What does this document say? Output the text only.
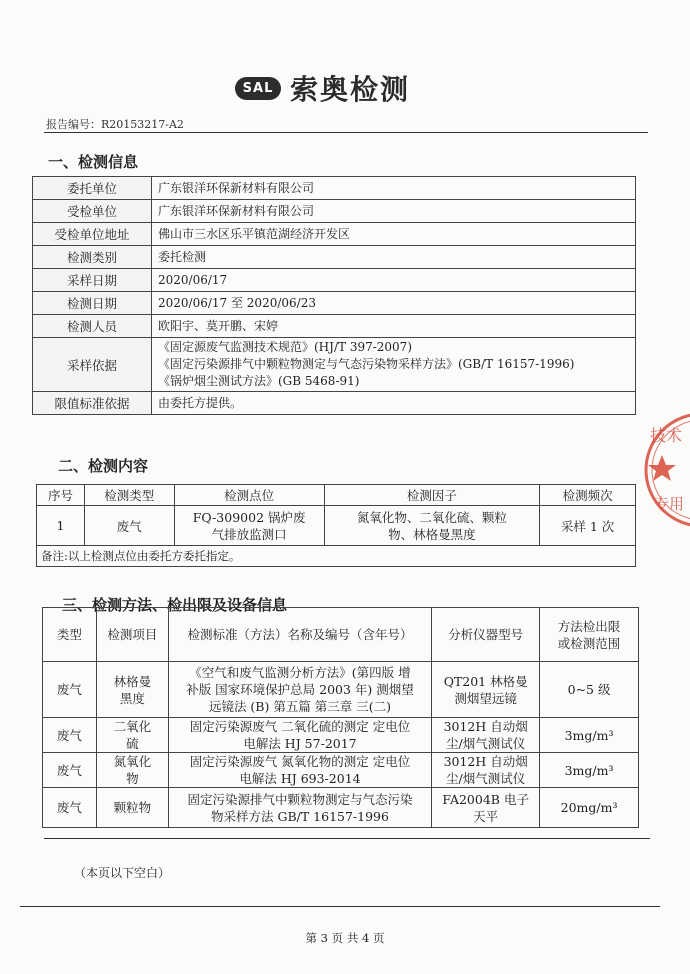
SAL 索奥检测
报告编号：R20153217-A2
一、检测信息
委托单位	广东银洋环保新材料有限公司

受检单位	广东银洋环保新材料有限公司

受检单位地址	佛山市三水区乐平镇范湖经济开发区

检测类别	委托检测

采样日期	2020/06/17

检测日期	2020/06/17 至 2020/06/23

检测人员	欧阳宇、莫开鹏、宋婷

采样依据	《固定源废气监测技术规范》(HJ/T 397-2007)
《固定污染源排气中颗粒物测定与气态污染物采样方法》(GB/T 16157-1996)
《锅炉烟尘测试方法》(GB 5468-91)

限值标准依据	由委托方提供。
二、检测内容
序号	检测类型	检测点位	检测因子	检测频次
1	废气	FQ-309002 锅炉废气排放监测口	氮氧化物、二氧化硫、颗粒物、林格曼黑度	采样 1 次
备注:以上检测点位由委托方委托指定。				
三、检测方法、检出限及设备信息
类型	检测项目	检测标准（方法）名称及编号（含年号）	分析仪器型号	方法检出限或检测范围
废气	林格曼黑度	《空气和废气监测分析方法》(第四版 增补版 国家环境保护总局 2003 年) 测烟望远镜法 (B) 第五篇 第三章 三(二)	QT201 林格曼测烟望远镜	0~5 级
废气	二氧化硫	固定污染源废气 二氧化硫的测定 定电位电解法 HJ 57-2017	3012H 自动烟尘/烟气测试仪	3mg/m³
废气	氮氧化物	固定污染源废气 氮氧化物的测定 定电位电解法 HJ 693-2014	3012H 自动烟尘/烟气测试仪	3mg/m³
废气	颗粒物	固定污染源排气中颗粒物测定与气态污染物采样方法 GB/T 16157-1996	FA2004B 电子天平	20mg/m³
（本页以下空白）
第 3 页 共 4 页
技术
专用
